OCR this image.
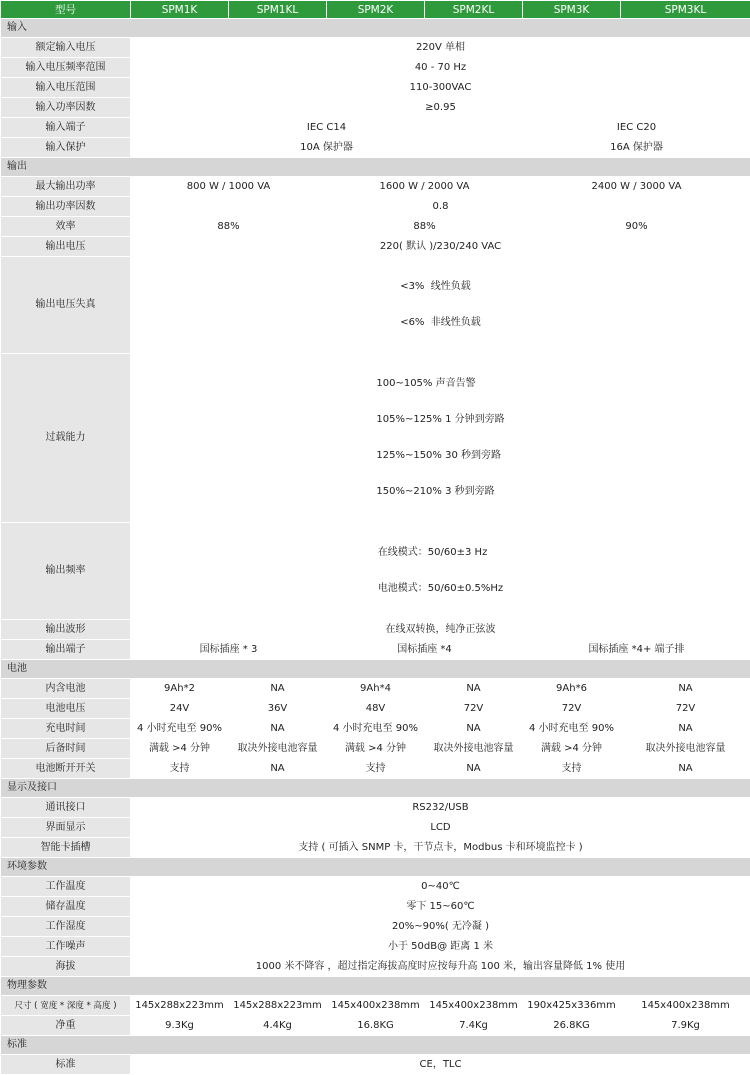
型号	SPM1K	SPM1KL	SPM2K	SPM2KL	SPM3K	SPM3KL
输入						
额定输入电压	220V 单相					
输入电压频率范围	40 - 70 Hz					
输入电压范围	110-300VAC					
输入功率因数	≥0.95					
输入端子	IEC C14				IEC C20	
输入保护	10A 保护器				16A 保护器	
输出						
最大输出功率	800 W / 1000 VA		1600 W / 2000 VA		2400 W / 3000 VA	
输出功率因数	0.8					
效率	88%		88%		90%	
输出电压	220( 默认 )/230/240 VAC					
输出电压失真	<3%  线性负载

<6%  非线性负载					

过载能力	100~105% 声音告警

105%~125% 1 分钟到旁路

125%~150% 30 秒到旁路

150%~210% 3 秒到旁路					

输出频率	在线模式：50/60±3 Hz

电池模式：50/60±0.5%Hz					

输出波形	在线双转换，纯净正弦波					
输出端子	国标插座 * 3		国标插座 *4		国标插座 *4+ 端子排	
电池						
内含电池	9Ah*2	NA	9Ah*4	NA	9Ah*6	NA
电池电压	24V	36V	48V	72V	72V	72V
充电时间	4 小时充电至 90%	NA	4 小时充电至 90%	NA	4 小时充电至 90%	NA
后备时间	满载 >4 分钟	取决外接电池容量	满载 >4 分钟	取决外接电池容量	满载 >4 分钟	取决外接电池容量
电池断开开关	支持	NA	支持	NA	支持	NA
显示及接口						
通讯接口	RS232/USB					
界面显示	LCD					
智能卡插槽	支持 ( 可插入 SNMP 卡，干节点卡，Modbus 卡和环境监控卡 )					
环境参数						
工作温度	0~40℃					
储存温度	零下 15~60℃					
工作湿度	20%~90%( 无冷凝 )					
工作噪声	小于 50dB@ 距离 1 米					
海拔	1000 米不降容 ，超过指定海拔高度时应按每升高 100 米，输出容量降低 1% 使用					
物理参数						
尺寸 ( 宽度 * 深度 * 高度 )	145x288x223mm	145x288x223mm	145x400x238mm	145x400x238mm	190x425x336mm	145x400x238mm
净重	9.3Kg	4.4Kg	16.8KG	7.4Kg	26.8KG	7.9Kg
标准						
标准	CE，TLC					
